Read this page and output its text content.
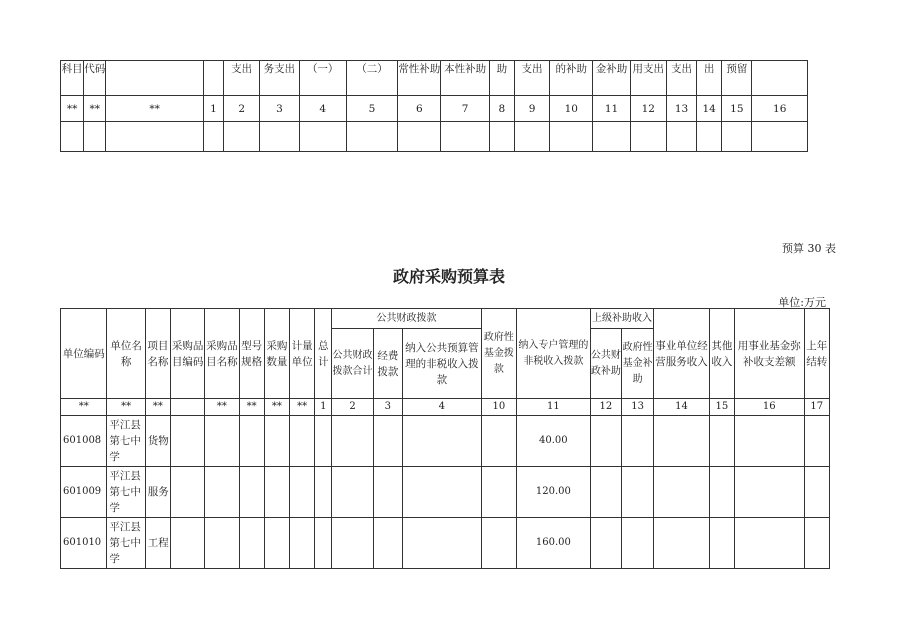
科目	代码			支出	务支出	（一）	（二）	常性补助	本性补助	助	支出	的补助	金补助	用支出	支出	出	预留	
**	**	**	1	2	3	4	5	6	7	8	9	10	11	12	13	14	15	16

预算 30 表
政府采购预算表
单位:万元
单位编码	单位名称	项目名称	采购品目编码	采购品目名称	型号规格	采购数量	计量单位	总计	公共财政拨款			政府性基金拨款	纳入专户管理的非税收入拨款	上级补助收入		事业单位经营服务收入	其他收入	用事业基金弥补收支差额	上年结转
									公共财政拨款合计	经费拨款	纳入公共预算管理的非税收入拨款			公共财政补助	政府性基金补助				
**	**	**		**	**	**	**	1	2	3	4	10	11	12	13	14	15	16	17
601008	平江县第七中学	货物											40.00						
601009	平江县第七中学	服务											120.00						
601010	平江县第七中学	工程											160.00						
